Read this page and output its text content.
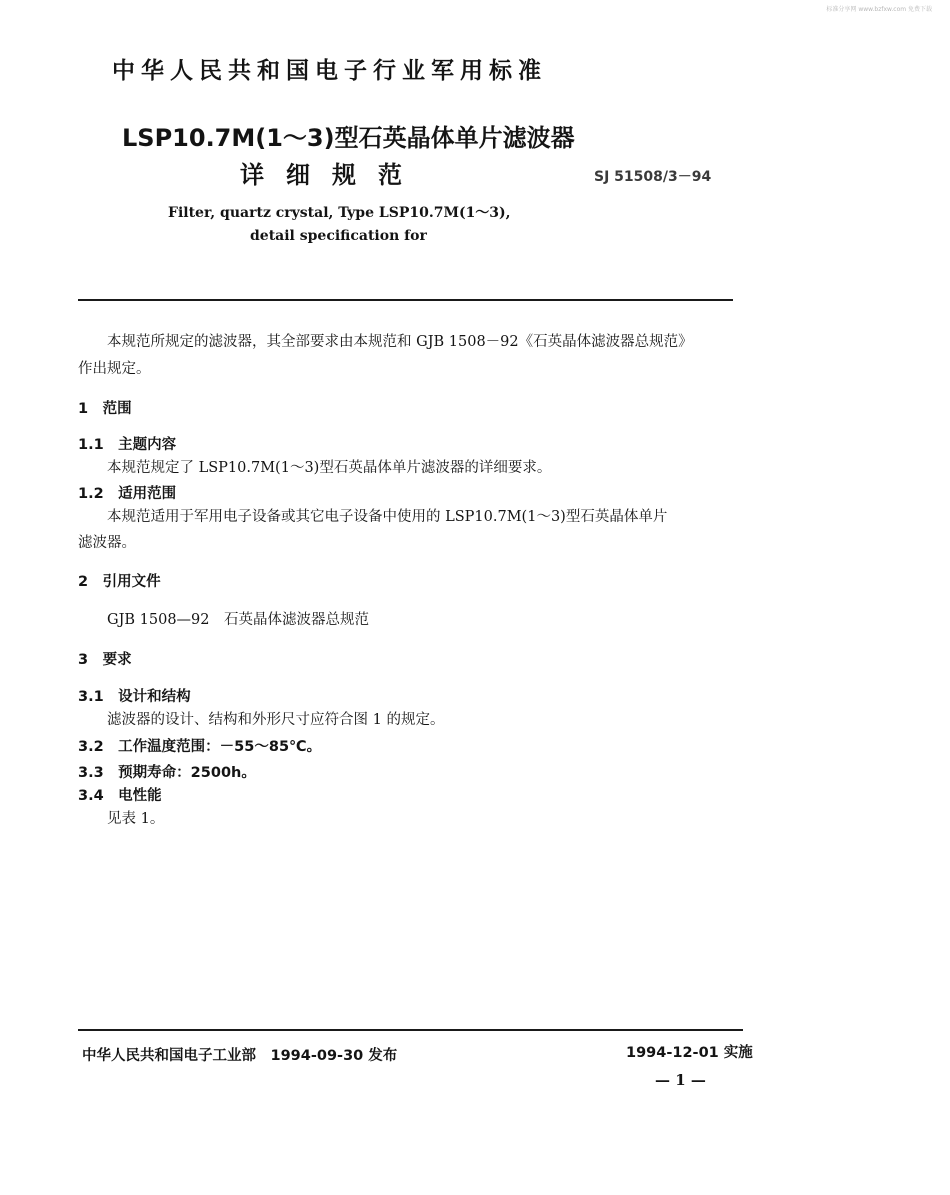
标准分享网 www.bzfxw.com 免费下载
中华人民共和国电子行业军用标准
LSP10.7M(1～3)型石英晶体单片滤波器
详细规范	SJ 51508/3－94
Filter, quartz crystal, Type LSP10.7M(1～3),
detail specification for
本规范所规定的滤波器，其全部要求由本规范和 GJB 1508－92《石英晶体滤波器总规范》
作出规定。
1　范围
1.1　主题内容
本规范规定了 LSP10.7M(1～3)型石英晶体单片滤波器的详细要求。
1.2　适用范围
本规范适用于军用电子设备或其它电子设备中使用的 LSP10.7M(1～3)型石英晶体单片
滤波器。
2　引用文件
GJB 1508—92　石英晶体滤波器总规范
3　要求
3.1　设计和结构
滤波器的设计、结构和外形尺寸应符合图 1 的规定。
3.2　工作温度范围：－55～85℃。
3.3　预期寿命：2500h。
3.4　电性能
见表 1。
中华人民共和国电子工业部　1994-09-30 发布	1994-12-01 实施
— 1 —
